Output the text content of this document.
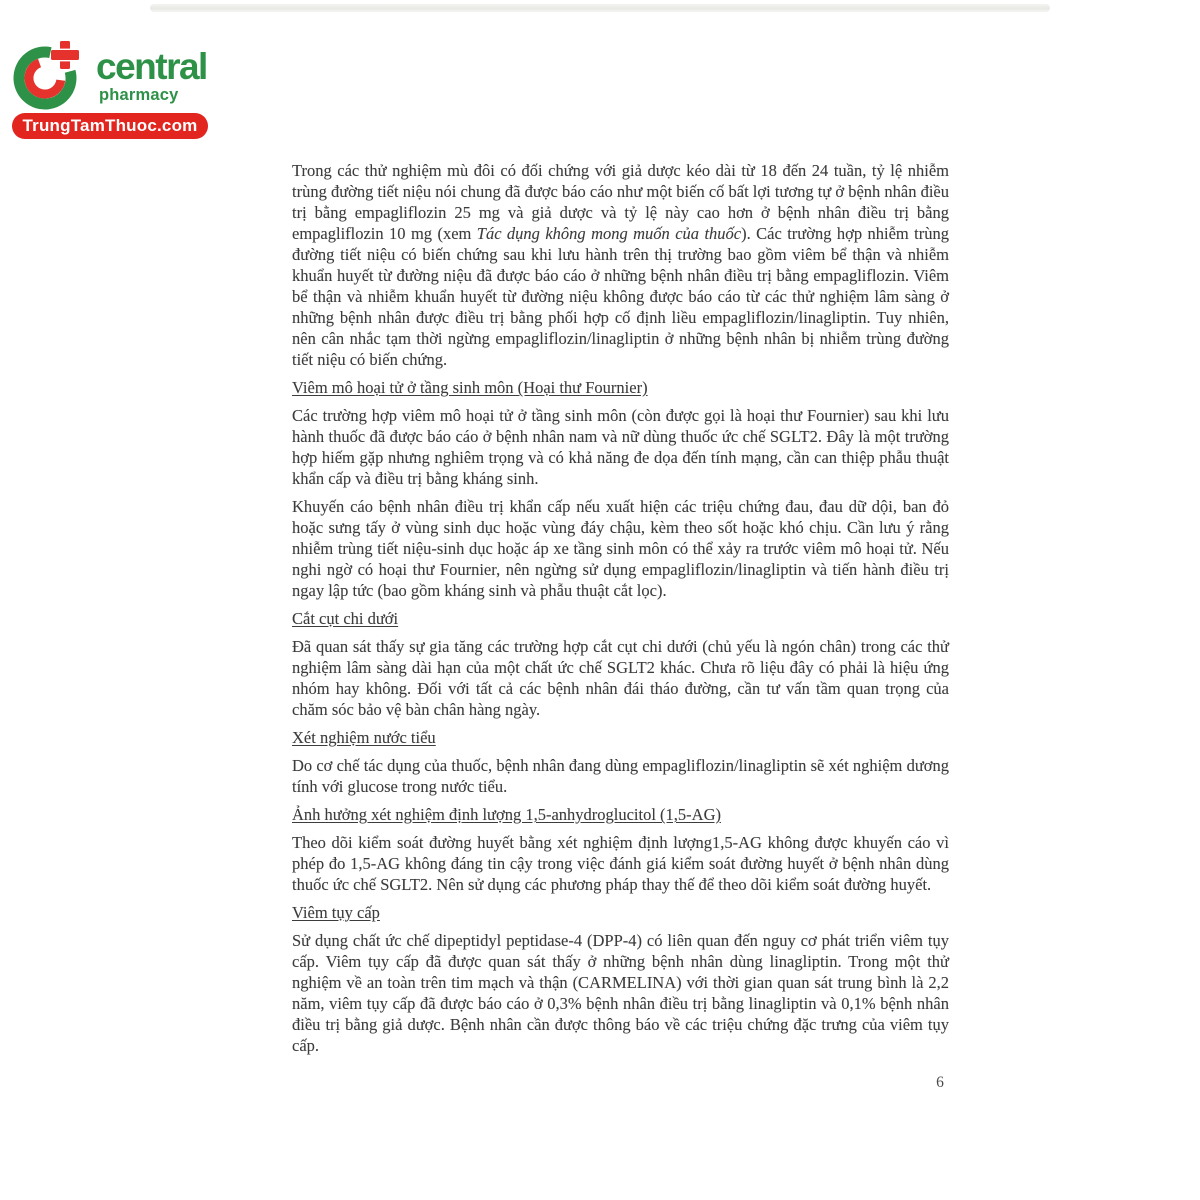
central
pharmacy
TrungTamThuoc.com

Trong các thử nghiệm mù đôi có đối chứng với giả dược kéo dài từ 18 đến 24 tuần, tỷ lệ nhiễm trùng đường tiết niệu nói chung đã được báo cáo như một biến cố bất lợi tương tự ở bệnh nhân điều trị bằng empagliflozin 25 mg và giả dược và tỷ lệ này cao hơn ở bệnh nhân điều trị bằng empagliflozin 10 mg (xem Tác dụng không mong muốn của thuốc). Các trường hợp nhiễm trùng đường tiết niệu có biến chứng sau khi lưu hành trên thị trường bao gồm viêm bể thận và nhiễm khuẩn huyết từ đường niệu đã được báo cáo ở những bệnh nhân điều trị bằng empagliflozin. Viêm bể thận và nhiễm khuẩn huyết từ đường niệu không được báo cáo từ các thử nghiệm lâm sàng ở những bệnh nhân được điều trị bằng phối hợp cố định liều empagliflozin/linagliptin. Tuy nhiên, nên cân nhắc tạm thời ngừng empagliflozin/linagliptin ở những bệnh nhân bị nhiễm trùng đường tiết niệu có biến chứng.

Viêm mô hoại tử ở tầng sinh môn (Hoại thư Fournier)

Các trường hợp viêm mô hoại tử ở tầng sinh môn (còn được gọi là hoại thư Fournier) sau khi lưu hành thuốc đã được báo cáo ở bệnh nhân nam và nữ dùng thuốc ức chế SGLT2. Đây là một trường hợp hiếm gặp nhưng nghiêm trọng và có khả năng đe dọa đến tính mạng, cần can thiệp phẫu thuật khẩn cấp và điều trị bằng kháng sinh.

Khuyến cáo bệnh nhân điều trị khẩn cấp nếu xuất hiện các triệu chứng đau, đau dữ dội, ban đỏ hoặc sưng tấy ở vùng sinh dục hoặc vùng đáy chậu, kèm theo sốt hoặc khó chịu. Cần lưu ý rằng nhiễm trùng tiết niệu-sinh dục hoặc áp xe tầng sinh môn có thể xảy ra trước viêm mô hoại tử. Nếu nghi ngờ có hoại thư Fournier, nên ngừng sử dụng empagliflozin/linagliptin và tiến hành điều trị ngay lập tức (bao gồm kháng sinh và phẫu thuật cắt lọc).

Cắt cụt chi dưới

Đã quan sát thấy sự gia tăng các trường hợp cắt cụt chi dưới (chủ yếu là ngón chân) trong các thử nghiệm lâm sàng dài hạn của một chất ức chế SGLT2 khác. Chưa rõ liệu đây có phải là hiệu ứng nhóm hay không. Đối với tất cả các bệnh nhân đái tháo đường, cần tư vấn tầm quan trọng của chăm sóc bảo vệ bàn chân hàng ngày.

Xét nghiệm nước tiểu

Do cơ chế tác dụng của thuốc, bệnh nhân đang dùng empagliflozin/linagliptin sẽ xét nghiệm dương tính với glucose trong nước tiểu.

Ảnh hưởng xét nghiệm định lượng 1,5-anhydroglucitol (1,5-AG)

Theo dõi kiểm soát đường huyết bằng xét nghiệm định lượng1,5-AG không được khuyến cáo vì phép đo 1,5-AG không đáng tin cậy trong việc đánh giá kiểm soát đường huyết ở bệnh nhân dùng thuốc ức chế SGLT2. Nên sử dụng các phương pháp thay thế để theo dõi kiểm soát đường huyết.

Viêm tụy cấp

Sử dụng chất ức chế dipeptidyl peptidase-4 (DPP-4) có liên quan đến nguy cơ phát triển viêm tụy cấp. Viêm tụy cấp đã được quan sát thấy ở những bệnh nhân dùng linagliptin. Trong một thử nghiệm về an toàn trên tim mạch và thận (CARMELINA) với thời gian quan sát trung bình là 2,2 năm, viêm tụy cấp đã được báo cáo ở 0,3% bệnh nhân điều trị bằng linagliptin và 0,1% bệnh nhân điều trị bằng giả dược. Bệnh nhân cần được thông báo về các triệu chứng đặc trưng của viêm tụy cấp.

6
